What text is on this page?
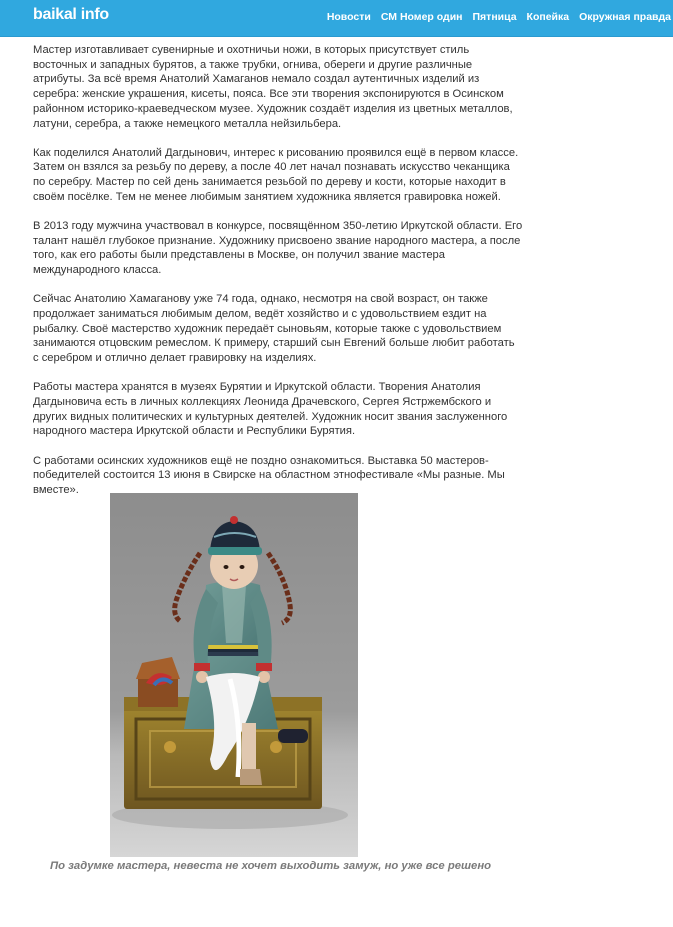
baikal info	Новости СМ Номер один Пятница Копейка Окружная правда

Мастер изготавливает сувенирные и охотничьи ножи, в которых присутствует стиль восточных и западных бурятов, а также трубки, огнива, обереги и другие различные атрибуты. За всё время Анатолий Хамаганов немало создал аутентичных изделий из серебра: женские украшения, кисеты, пояса. Все эти творения экспонируются в Осинском районном историко-краеведческом музее. Художник создаёт изделия из цветных металлов, латуни, серебра, а также немецкого металла нейзильбера.

Как поделился Анатолий Дагдынович, интерес к рисованию проявился ещё в первом классе. Затем он взялся за резьбу по дереву, а после 40 лет начал познавать искусство чеканщика по серебру. Мастер по сей день занимается резьбой по дереву и кости, которые находит в своём посёлке. Тем не менее любимым занятием художника является гравировка ножей.

В 2013 году мужчина участвовал в конкурсе, посвящённом 350-летию Иркутской области. Его талант нашёл глубокое признание. Художнику присвоено звание народного мастера, а после того, как его работы были представлены в Москве, он получил звание мастера международного класса.

Сейчас Анатолию Хамаганову уже 74 года, однако, несмотря на свой возраст, он также продолжает заниматься любимым делом, ведёт хозяйство и с удовольствием ездит на рыбалку. Своё мастерство художник передаёт сыновьям, которые также с удовольствием занимаются отцовским ремеслом. К примеру, старший сын Евгений больше любит работать с серебром и отлично делает гравировку на изделиях.

Работы мастера хранятся в музеях Бурятии и Иркутской области. Творения Анатолия Дагдыновича есть в личных коллекциях Леонида Драчевского, Сергея Ястржембского и других видных политических и культурных деятелей. Художник носит звания заслуженного народного мастера Иркутской области и Республики Бурятия.

С работами осинских художников ещё не поздно ознакомиться. Выставка 50 мастеров-победителей состоится 13 июня в Свирске на областном этнофестивале «Мы разные. Мы вместе».

По задумке мастера, невеста не хочет выходить замуж, но уже все решено
